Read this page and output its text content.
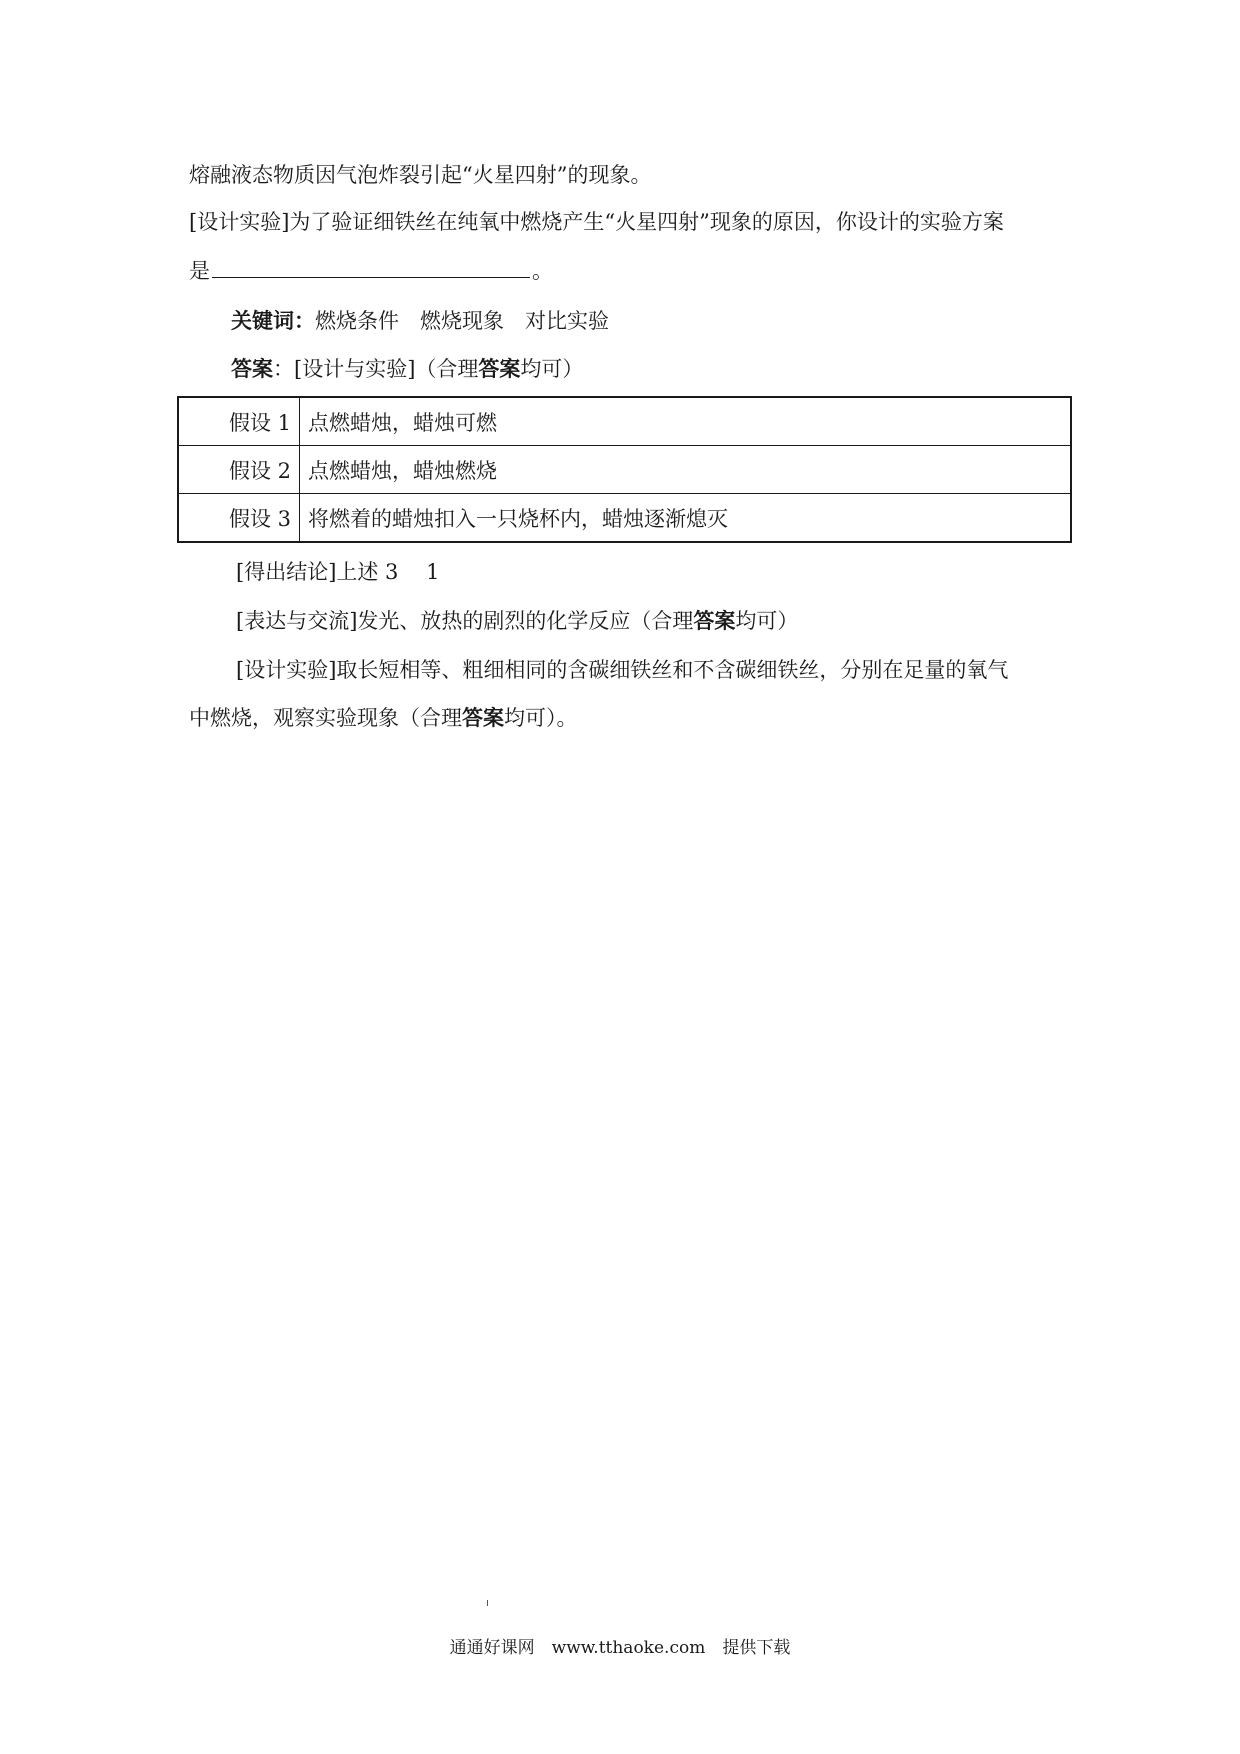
熔融液态物质因气泡炸裂引起“火星四射”的现象。
[设计实验]为了验证细铁丝在纯氧中燃烧产生“火星四射”现象的原因，你设计的实验方案
是	。
关键词：燃烧条件　燃烧现象　对比实验
答案：[设计与实验]（合理答案均可）
假设 1	点燃蜡烛，蜡烛可燃
假设 2	点燃蜡烛，蜡烛燃烧
假设 3	将燃着的蜡烛扣入一只烧杯内，蜡烛逐渐熄灭
[得出结论]上述 3　 1
[表达与交流]发光、放热的剧烈的化学反应（合理答案均可）
[设计实验]取长短相等、粗细相同的含碳细铁丝和不含碳细铁丝，分别在足量的氧气
中燃烧，观察实验现象（合理答案均可）。
通通好课网　www.tthaoke.com　提供下载
